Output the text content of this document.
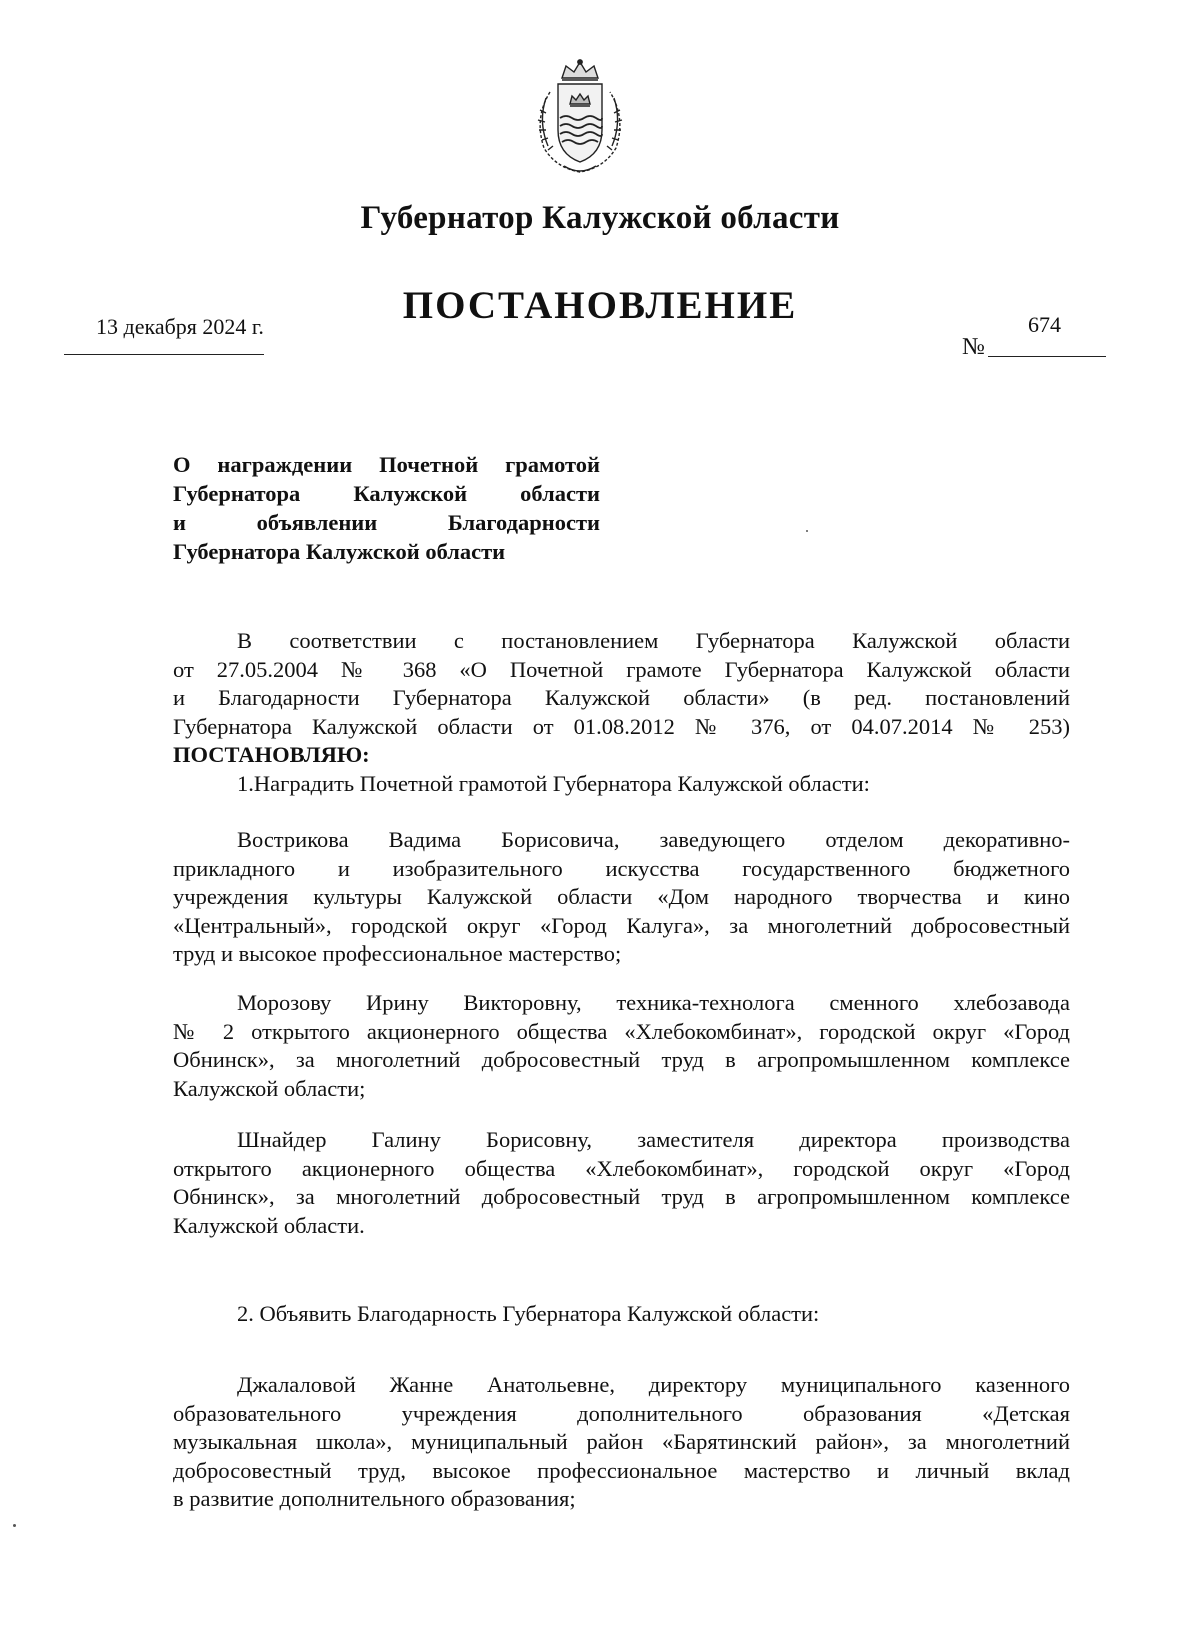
Губернатор Калужской области
ПОСТАНОВЛЕНИЕ
13 декабря 2024 г.
№
674
О награждении Почетной грамотой
Губернатора Калужской области
и объявлении Благодарности
Губернатора Калужской области
В соответствии с постановлением Губернатора Калужской области
от 27.05.2004 № 368 «О Почетной грамоте Губернатора Калужской области
и Благодарности Губернатора Калужской области» (в ред. постановлений
Губернатора Калужской области от 01.08.2012 № 376, от 04.07.2014 № 253)
ПОСТАНОВЛЯЮ:
1.Наградить Почетной грамотой Губернатора Калужской области:
Вострикова Вадима Борисовича, заведующего отделом декоративно-
прикладного и изобразительного искусства государственного бюджетного
учреждения культуры Калужской области «Дом народного творчества и кино
«Центральный», городской округ «Город Калуга», за многолетний добросовестный
труд и высокое профессиональное мастерство;
Морозову Ирину Викторовну, техника-технолога сменного хлебозавода
№ 2 открытого акционерного общества «Хлебокомбинат», городской округ «Город
Обнинск», за многолетний добросовестный труд в агропромышленном комплексе
Калужской области;
Шнайдер Галину Борисовну, заместителя директора производства
открытого акционерного общества «Хлебокомбинат», городской округ «Город
Обнинск», за многолетний добросовестный труд в агропромышленном комплексе
Калужской области.
2. Объявить Благодарность Губернатора Калужской области:
Джалаловой Жанне Анатольевне, директору муниципального казенного
образовательного учреждения дополнительного образования «Детская
музыкальная школа», муниципальный район «Барятинский район», за многолетний
добросовестный труд, высокое профессиональное мастерство и личный вклад
в развитие дополнительного образования;
